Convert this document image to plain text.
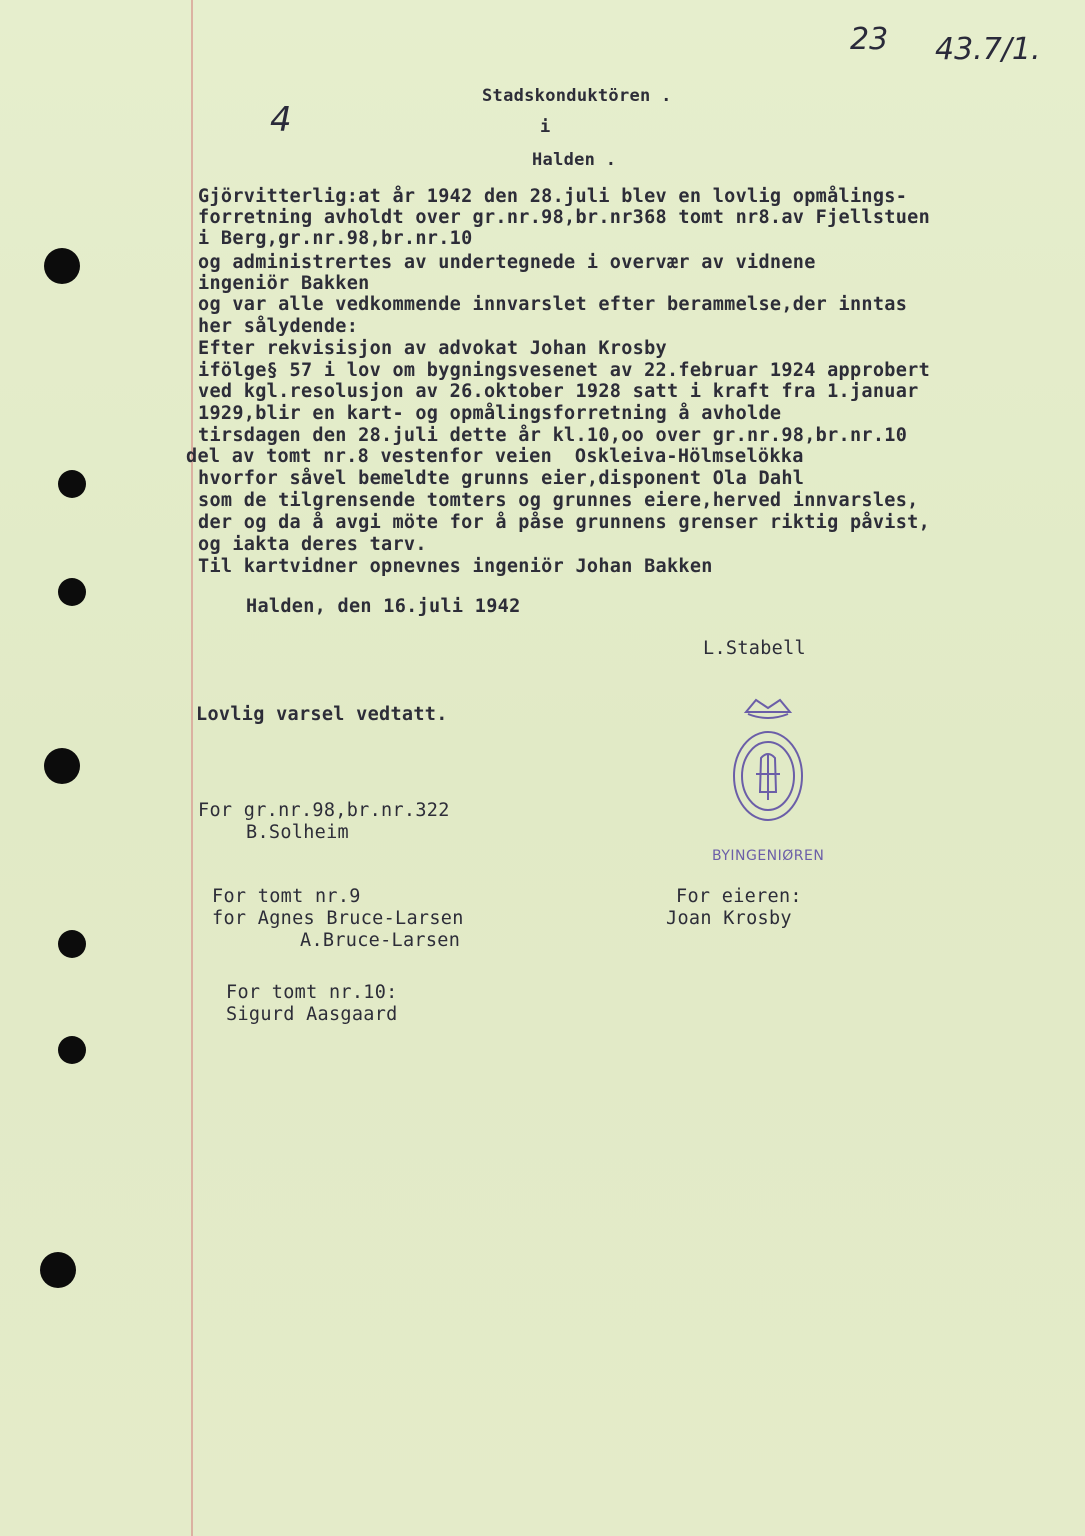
23 43.7/1.
4
Stadskonduktören .
i
Halden .
Gjörvitterlig:at år 1942 den 28.juli blev en lovlig opmålings-
forretning avholdt over gr.nr.98,br.nr368 tomt nr8.av Fjellstuen
i Berg,gr.nr.98,br.nr.10
og administrertes av undertegnede i overvær av vidnene
ingeniör Bakken
og var alle vedkommende innvarslet efter berammelse,der inntas
her sålydende:
Efter rekvisisjon av advokat Johan Krosby
ifölge§ 57 i lov om bygningsvesenet av 22.februar 1924 approbert
ved kgl.resolusjon av 26.oktober 1928 satt i kraft fra 1.januar
1929,blir en kart- og opmålingsforretning å avholde
tirsdagen den 28.juli dette år kl.10,oo over gr.nr.98,br.nr.10
del av tomt nr.8 vestenfor veien  Oskleiva-Hölmselökka
hvorfor såvel bemeldte grunns eier,disponent Ola Dahl
som de tilgrensende tomters og grunnes eiere,herved innvarsles,
der og da å avgi möte for å påse grunnens grenser riktig påvist,
og iakta deres tarv.
Til kartvidner opnevnes ingeniör Johan Bakken
Halden, den 16.juli 1942
L.Stabell
Lovlig varsel vedtatt.
BYINGENIØREN
For gr.nr.98,br.nr.322
B.Solheim
For tomt nr.9
for Agnes Bruce-Larsen
A.Bruce-Larsen
For eieren:
Joan Krosby
For tomt nr.10:
Sigurd Aasgaard
